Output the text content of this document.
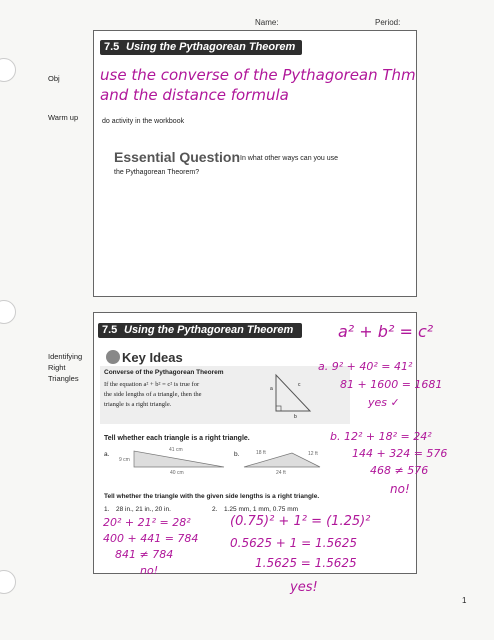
Name:	Period:
7.5 Using the Pythagorean Theorem
do activity in the workbook
Essential Question In what other ways can you use
the Pythagorean Theorem?
Obj
Warm up
use the converse of the Pythagorean Thm
and the distance formula
7.5 Using the Pythagorean Theorem
Key Ideas
Converse of the Pythagorean Theorem
If the equation a² + b² = c² is true for
the side lengths of a triangle, then the
triangle is a right triangle.
a
c
b
Tell whether each triangle is a right triangle.
a.
9 cm
41 cm
40 cm
b.	18 ft	12 ft
24 ft
Tell whether the triangle with the given side lengths is a right triangle.
1. 28 in., 21 in., 20 in.	2. 1.25 mm, 1 mm, 0.75 mm
Identifying
Right
Triangles
a² + b² = c²
a. 9² + 40² = 41²
81 + 1600 = 1681
yes ✓
b. 12² + 18² = 24²
144 + 324 = 576
468 ≠ 576
no!
20² + 21² = 28²
400 + 441 = 784
841 ≠ 784
no!
(0.75)² + 1² = (1.25)²
0.5625 + 1 = 1.5625
1.5625 = 1.5625
yes!
1
